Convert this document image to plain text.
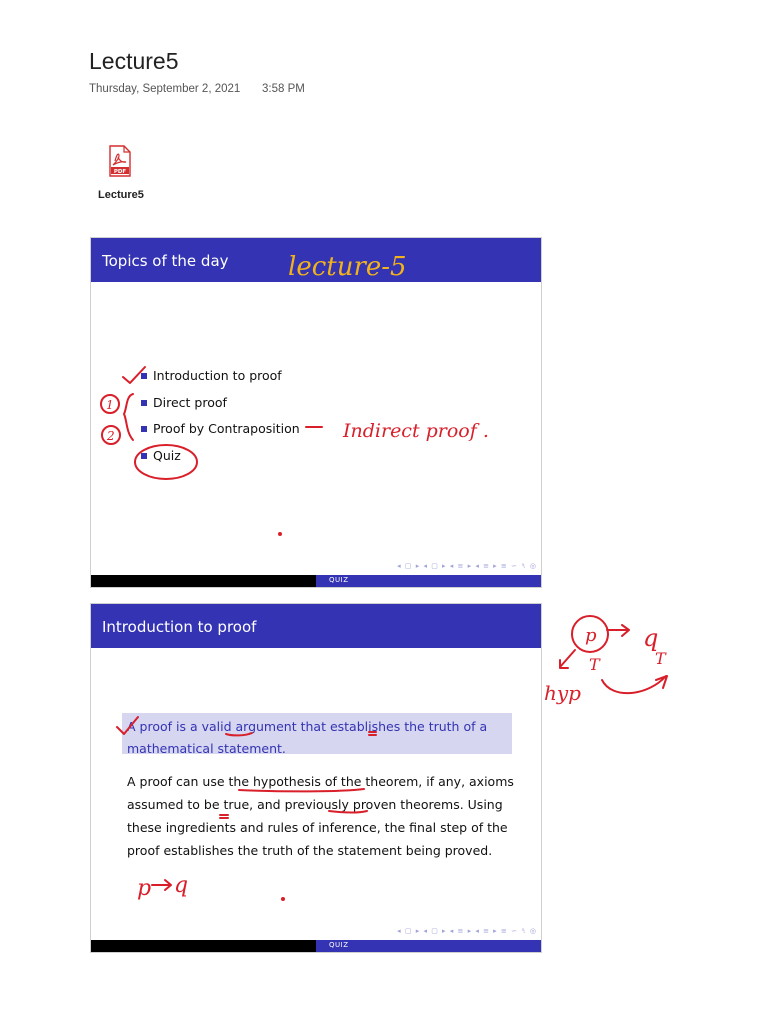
Lecture5
Thursday, September 2, 2021 3:58 PM
PDF
Lecture5
Topics of the day
Introduction to proof
Direct proof
Proof by Contraposition
Quiz
◂ ▢ ▸ ◂ ▢ ▸ ◂ ≡ ▸ ◂ ≡ ▸ ≡ ∽ ৭ ◎
QUIZ
Introduction to proof
A proof is a valid argument that establishes the truth of a mathematical statement.
A proof can use the hypothesis of the theorem, if any, axioms assumed to be true, and previously proven theorems. Using these ingredients and rules of inference, the final step of the proof establishes the truth of the statement being proved.
◂ ▢ ▸ ◂ ▢ ▸ ◂ ≡ ▸ ◂ ≡ ▸ ≡ ∽ ৭ ◎
QUIZ
lecture-5
1
2	Indirect proof .
p q
p q
T	T
hyp
